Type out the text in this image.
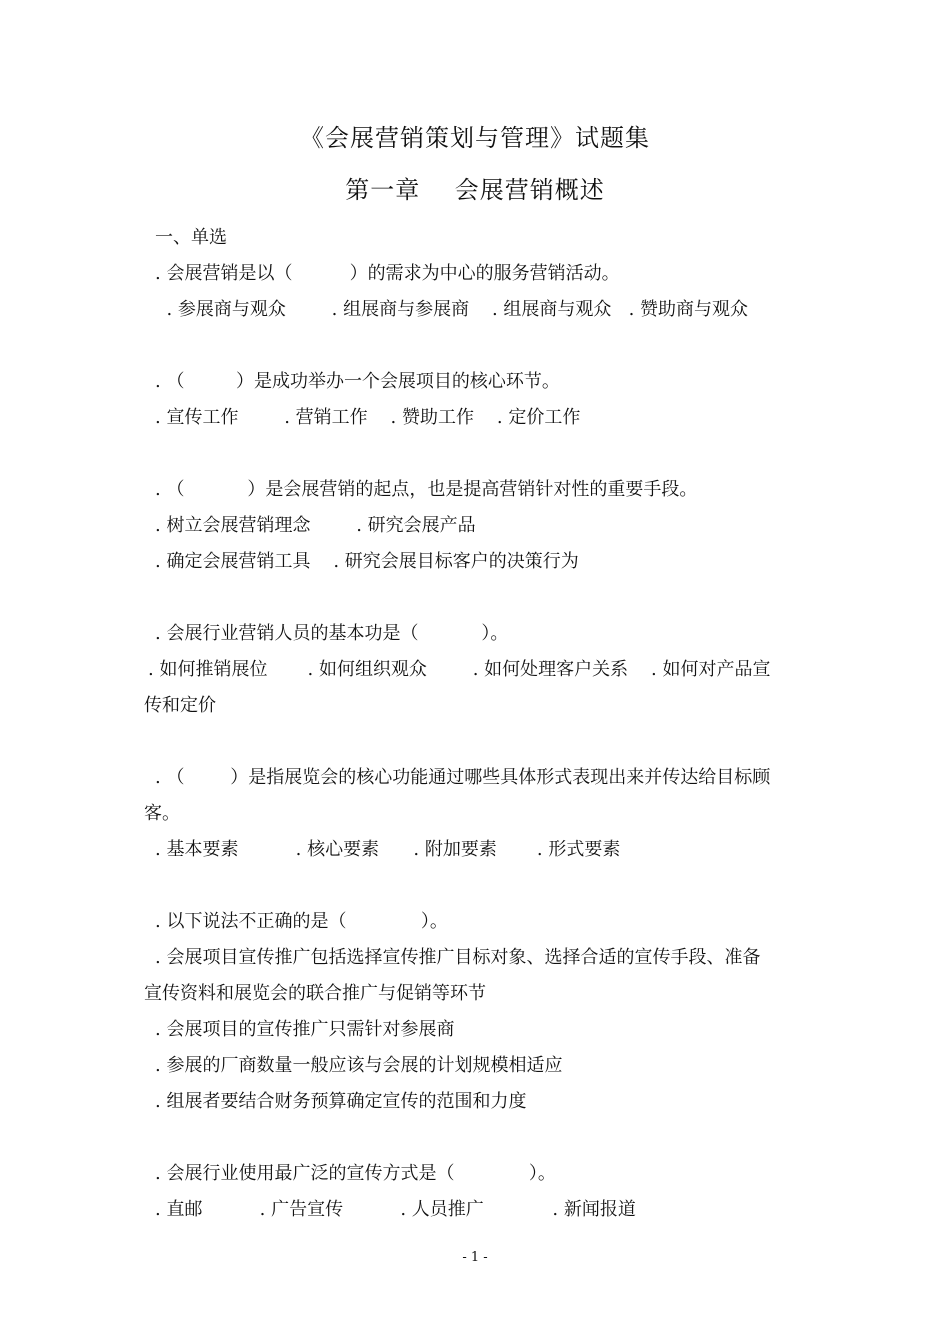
《会展营销策划与管理》试题集
第一章    会展营销概述
一、单选
. 会展营销是以（          ）的需求为中心的服务营销活动。
. 参展商与观众        . 组展商与参展商    . 组展商与观众   . 赞助商与观众
. （         ）是成功举办一个会展项目的核心环节。
. 宣传工作        . 营销工作    . 赞助工作    . 定价工作
. （           ）是会展营销的起点，也是提高营销针对性的重要手段。
. 树立会展营销理念        . 研究会展产品
. 确定会展营销工具    . 研究会展目标客户的决策行为
. 会展行业营销人员的基本功是（           ）。
. 如何推销展位       . 如何组织观众        . 如何处理客户关系    . 如何对产品宣
传和定价
. （        ）是指展览会的核心功能通过哪些具体形式表现出来并传达给目标顾
客。
. 基本要素          . 核心要素      . 附加要素       . 形式要素
. 以下说法不正确的是（             ）。
. 会展项目宣传推广包括选择宣传推广目标对象、选择合适的宣传手段、准备
宣传资料和展览会的联合推广与促销等环节
. 会展项目的宣传推广只需针对参展商
. 参展的厂商数量一般应该与会展的计划规模相适应
. 组展者要结合财务预算确定宣传的范围和力度
. 会展行业使用最广泛的宣传方式是（             ）。
. 直邮          . 广告宣传          . 人员推广            . 新闻报道
- 1 -
